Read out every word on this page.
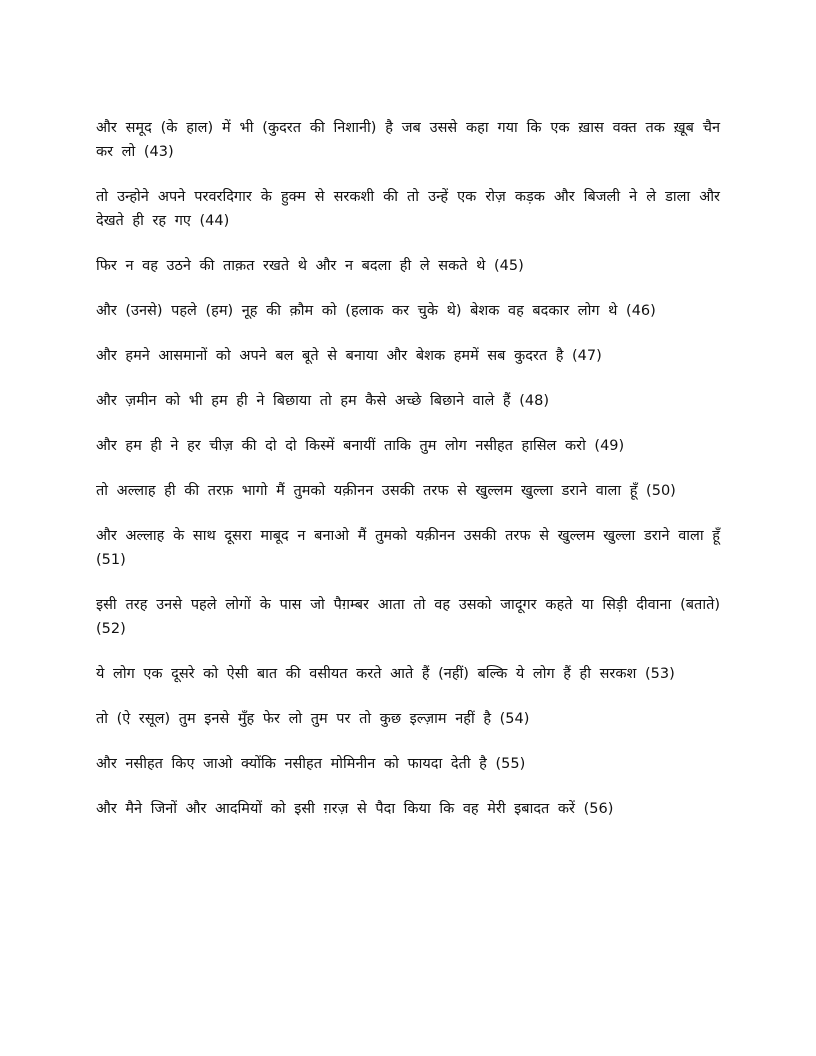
और समूद (के हाल) में भी (कुदरत की निशानी) है जब उससे कहा गया कि एक ख़ास वक्त तक ख़ूब चैन कर लो (43)

तो उन्होने अपने परवरदिगार के हुक्म से सरकशी की तो उन्हें एक रोज़ कड़क और बिजली ने ले डाला और देखते ही रह गए (44)

फिर न वह उठने की ताक़त रखते थे और न बदला ही ले सकते थे (45)

और (उनसे) पहले (हम) नूह की क़ौम को (हलाक कर चुके थे) बेशक वह बदकार लोग थे (46)

और हमने आसमानों को अपने बल बूते से बनाया और बेशक हममें सब कुदरत है (47)

और ज़मीन को भी हम ही ने बिछाया तो हम कैसे अच्छे बिछाने वाले हैं (48)

और हम ही ने हर चीज़ की दो दो किस्में बनायीं ताकि तुम लोग नसीहत हासिल करो (49)

तो अल्लाह ही की तरफ़ भागो मैं तुमको यक़ीनन उसकी तरफ से खुल्लम खुल्ला डराने वाला हूँ (50)

और अल्लाह के साथ दूसरा माबूद न बनाओ मैं तुमको यक़ीनन उसकी तरफ से खुल्लम खुल्ला डराने वाला हूँ (51)

इसी तरह उनसे पहले लोगों के पास जो पैग़म्बर आता तो वह उसको जादूगर कहते या सिड़ी दीवाना (बताते) (52)

ये लोग एक दूसरे को ऐसी बात की वसीयत करते आते हैं (नहीं) बल्कि ये लोग हैं ही सरकश (53)

तो (ऐ रसूल) तुम इनसे मुँह फेर लो तुम पर तो कुछ इल्ज़ाम नहीं है (54)

और नसीहत किए जाओ क्योंकि नसीहत मोमिनीन को फायदा देती है (55)

और मैने जिनों और आदमियों को इसी ग़रज़ से पैदा किया कि वह मेरी इबादत करें (56)
